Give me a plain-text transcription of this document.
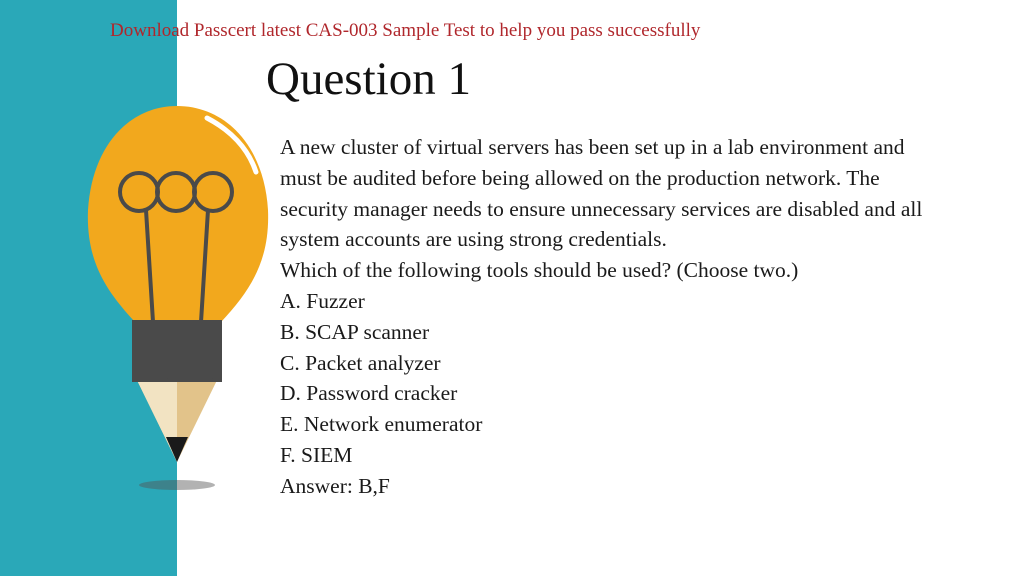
Download Passcert latest CAS-003 Sample Test to help you pass successfully
Question 1

A new cluster of virtual servers has been set up in a lab environment and

must be audited before being allowed on the production network. The

security manager needs to ensure unnecessary services are disabled and all

system accounts are using strong credentials.

Which of the following tools should be used? (Choose two.)

A. Fuzzer

B. SCAP scanner

C. Packet analyzer

D. Password cracker

E. Network enumerator

F. SIEM

Answer: B,F
